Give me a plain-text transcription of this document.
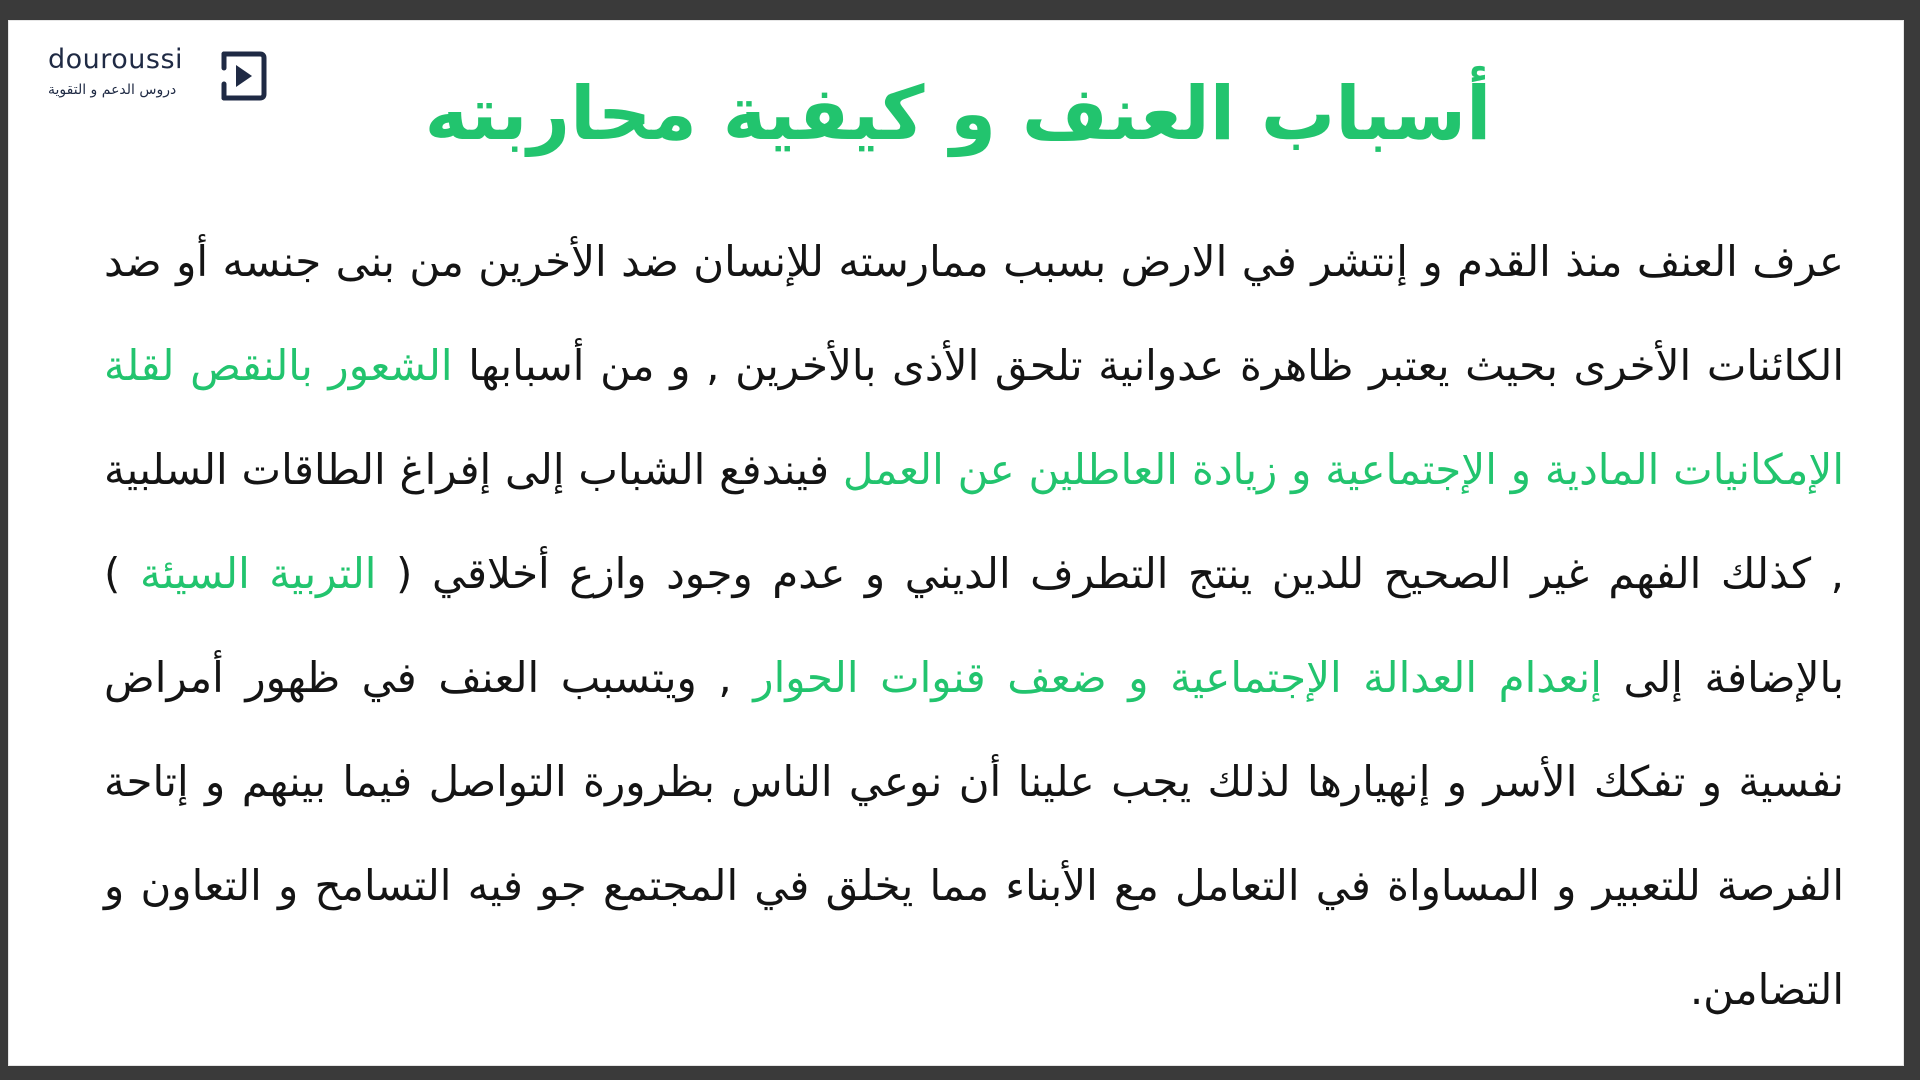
douroussi
دروس الدعم و التقوية	أسباب العنف و كيفية محاربته
عرف العنف منذ القدم و إنتشر في الارض بسبب ممارسته للإنسان ضد الأخرين من بنى جنسه أو ضد الكائنات الأخرى بحيث يعتبر ظاهرة عدوانية تلحق الأذى بالأخرين , و من أسبابها الشعور بالنقص لقلة الإمكانيات المادية و الإجتماعية و زيادة العاطلين عن العمل فيندفع الشباب إلى إفراغ الطاقات السلبية , كذلك الفهم غير الصحيح للدين ينتج التطرف الديني و عدم وجود وازع أخلاقي ( التربية السيئة ) بالإضافة إلى إنعدام العدالة الإجتماعية و ضعف قنوات الحوار , ويتسبب العنف في ظهور أمراض نفسية و تفكك الأسر و إنهيارها لذلك يجب علينا أن نوعي الناس بظرورة التواصل فيما بينهم و إتاحة الفرصة للتعبير و المساواة في التعامل مع الأبناء مما يخلق في المجتمع جو فيه التسامح و التعاون و التضامن.
